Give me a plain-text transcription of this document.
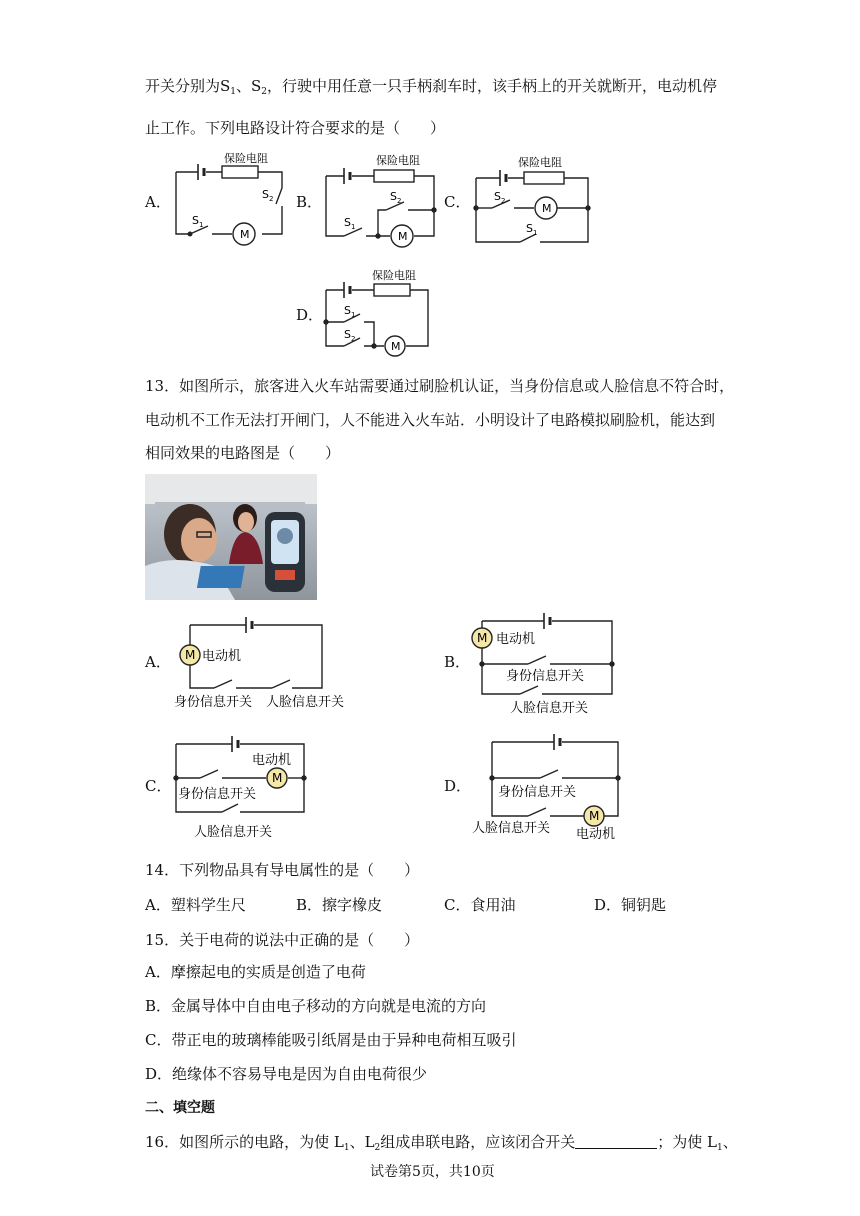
开关分别为$S_1$、$S_2$，行驶中用任意一只手柄刹车时，该手柄上的开关就断开，电动机停
止工作。下列电路设计符合要求的是（　　）
A．	B．	C．
D．
保险电阻
S 2
S 1
M
保险电阻
S 2
S 1
M
保险电阻
S 2
S 1
M
保险电阻
S 1
S 2
M
13．如图所示，旅客进入火车站需要通过刷脸机认证，当身份信息或人脸信息不符合时，
电动机不工作无法打开闸门，人不能进入火车站．小明设计了电路模拟刷脸机，能达到
相同效果的电路图是（　　）
A．	B．
C．	D．
M 电动机
身份信息开关 人脸信息开关
M 电动机
身份信息开关
人脸信息开关
M
电动机
身份信息开关
人脸信息开关
M
身份信息开关
人脸信息开关 电动机
14．下列物品具有导电属性的是（　　）
A．塑料学生尺	B．擦字橡皮	C．食用油	D．铜钥匙
15．关于电荷的说法中正确的是（　　）
A．摩擦起电的实质是创造了电荷
B．金属导体中自由电子移动的方向就是电流的方向
C．带正电的玻璃棒能吸引纸屑是由于异种电荷相互吸引
D．绝缘体不容易导电是因为自由电荷很少
二、填空题
16．如图所示的电路，为使 $L_1$、$L_2$组成串联电路，应该闭合开关	；为使 $L_1$、
试卷第5页，共10页
